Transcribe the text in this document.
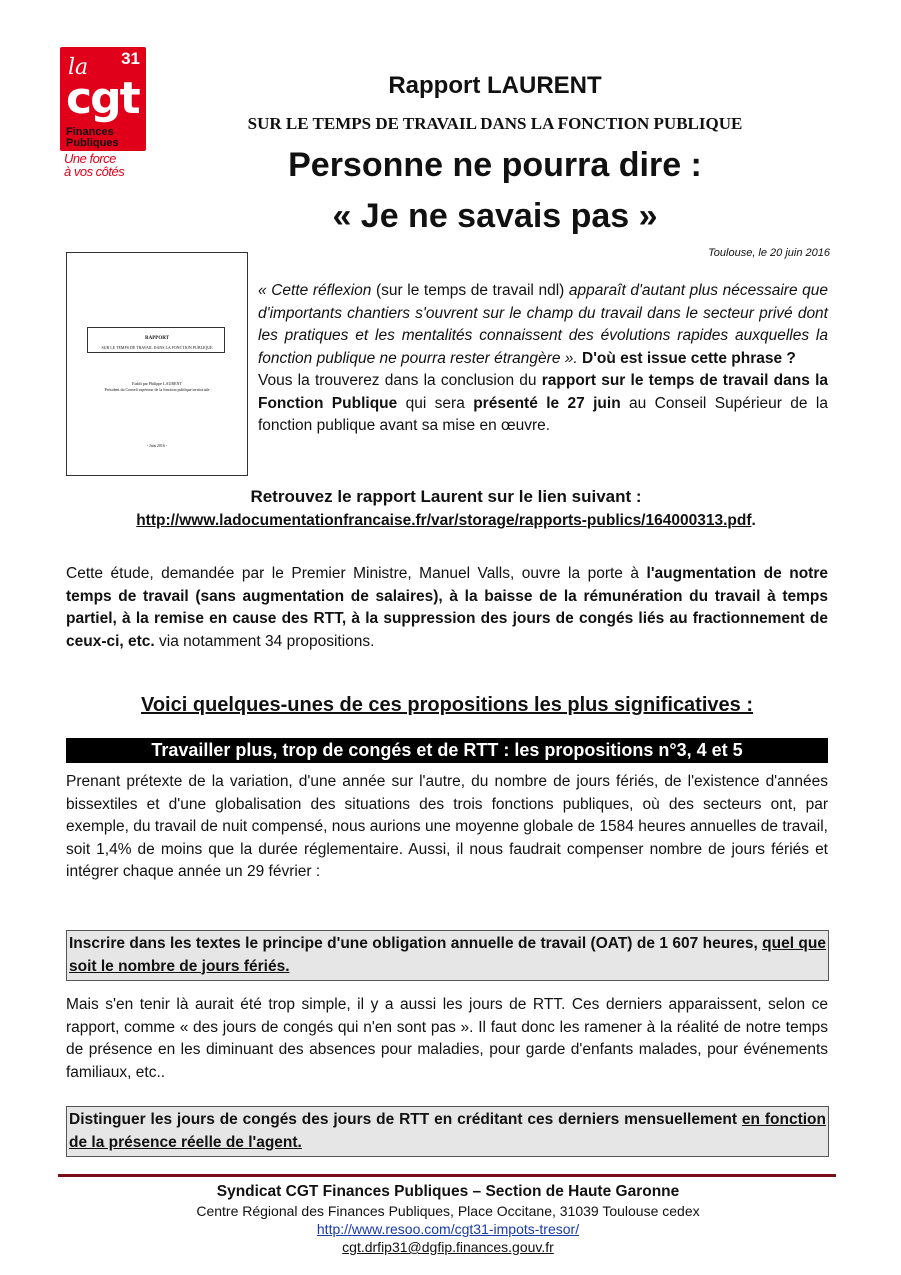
31
la
cgt
Finances
Publiques
Une force
à vos côtés
Rapport LAURENT
SUR LE TEMPS DE TRAVAIL DANS LA FONCTION PUBLIQUE
Personne ne pourra dire :
« Je ne savais pas »
Toulouse, le 20 juin 2016
RAPPORT
SUR LE TEMPS DE TRAVAIL DANS LA FONCTION PUBLIQUE
Etabli par Philippe LAURENT
Président du Conseil supérieur de la fonction publique territoriale
- Juin 2016 -
« Cette réflexion (sur le temps de travail ndl) apparaît d'autant plus nécessaire que d'importants chantiers s'ouvrent sur le champ du travail dans le secteur privé dont les pratiques et les mentalités connaissent des évolutions rapides auxquelles la fonction publique ne pourra rester étrangère ». D'où est issue cette phrase ?
Vous la trouverez dans la conclusion du rapport sur le temps de travail dans la Fonction Publique qui sera présenté le 27 juin au Conseil Supérieur de la fonction publique avant sa mise en œuvre.
Retrouvez le rapport Laurent sur le lien suivant :
http://www.ladocumentationfrancaise.fr/var/storage/rapports-publics/164000313.pdf.
Cette étude, demandée par le Premier Ministre, Manuel Valls, ouvre la porte à l'augmentation de notre temps de travail (sans augmentation de salaires), à la baisse de la rémunération du travail à temps partiel, à la remise en cause des RTT, à la suppression des jours de congés liés au fractionnement de ceux-ci, etc. via notamment 34 propositions.
Voici quelques-unes de ces propositions les plus significatives :
Travailler plus, trop de congés et de RTT : les propositions n°3, 4 et 5
Prenant prétexte de la variation, d'une année sur l'autre, du nombre de jours fériés, de l'existence d'années bissextiles et d'une globalisation des situations des trois fonctions publiques, où des secteurs ont, par exemple, du travail de nuit compensé, nous aurions une moyenne globale de 1584 heures annuelles de travail, soit 1,4% de moins que la durée réglementaire. Aussi, il nous faudrait compenser nombre de jours fériés et intégrer chaque année un 29 février :
Inscrire dans les textes le principe d'une obligation annuelle de travail (OAT) de 1 607 heures, quel que soit le nombre de jours fériés.
Mais s'en tenir là aurait été trop simple, il y a aussi les jours de RTT. Ces derniers apparaissent, selon ce rapport, comme « des jours de congés qui n'en sont pas ». Il faut donc les ramener à la réalité de notre temps de présence en les diminuant des absences pour maladies, pour garde d'enfants malades, pour événements familiaux, etc..
Distinguer les jours de congés des jours de RTT en créditant ces derniers mensuellement en fonction de la présence réelle de l'agent.
Syndicat CGT Finances Publiques – Section de Haute Garonne
Centre Régional des Finances Publiques, Place Occitane, 31039 Toulouse cedex
http://www.resoo.com/cgt31-impots-tresor/
cgt.drfip31@dgfip.finances.gouv.fr
